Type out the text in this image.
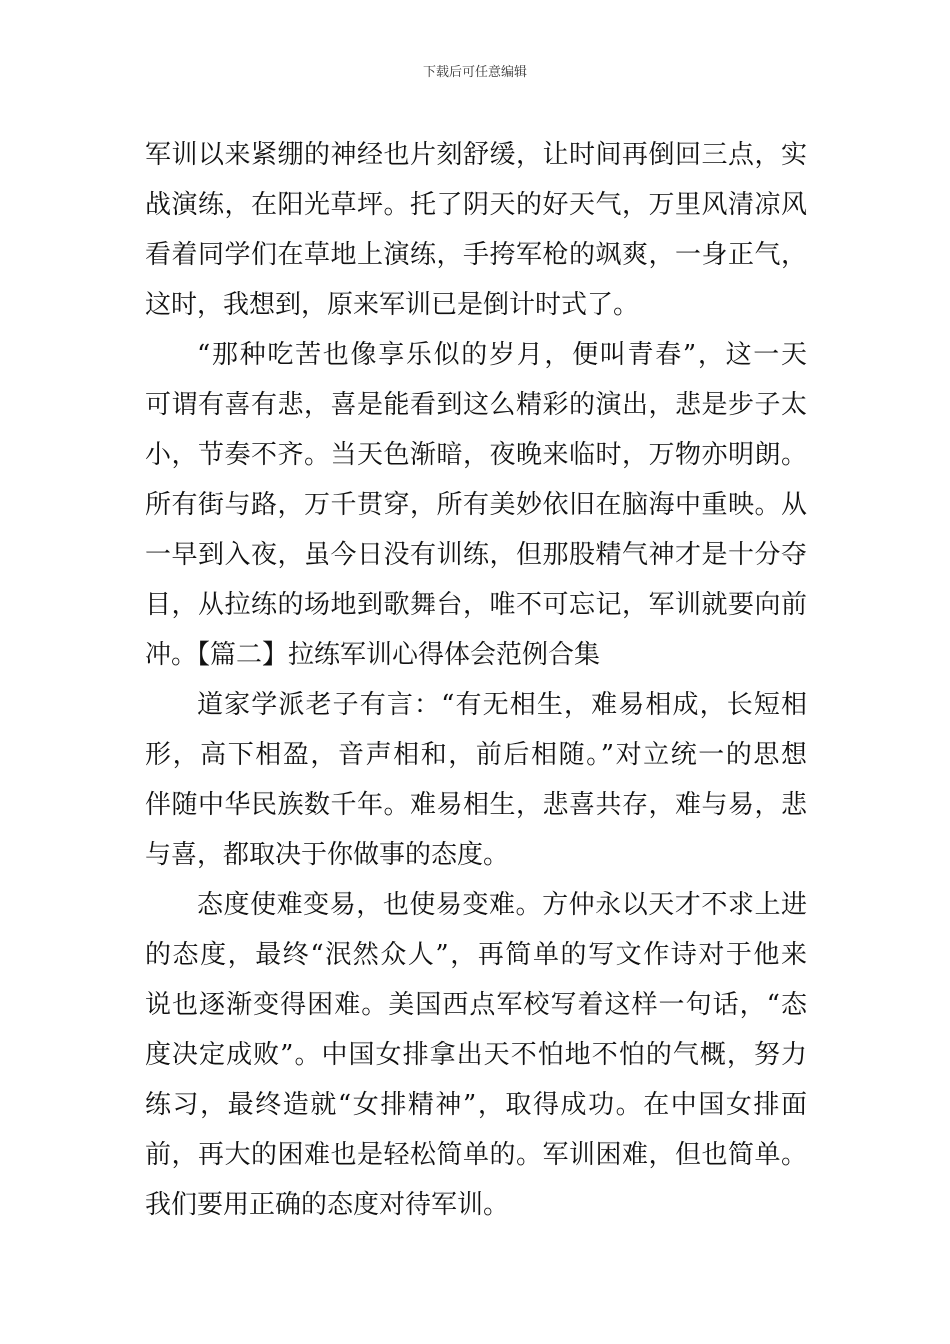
下载后可任意编辑
军训以来紧绷的神经也片刻舒缓，让时间再倒回三点，实
战演练，在阳光草坪。托了阴天的好天气，万里风清凉风
看着同学们在草地上演练，手挎军枪的飒爽，一身正气，
这时，我想到，原来军训已是倒计时式了。
“那种吃苦也像享乐似的岁月，便叫青春”，这一天
可谓有喜有悲，喜是能看到这么精彩的演出，悲是步子太
小，节奏不齐。当天色渐暗，夜晚来临时，万物亦明朗。
所有街与路，万千贯穿，所有美妙依旧在脑海中重映。从
一早到入夜，虽今日没有训练，但那股精气神才是十分夺
目，从拉练的场地到歌舞台，唯不可忘记，军训就要向前
冲。【篇二】拉练军训心得体会范例合集
道家学派老子有言：“有无相生，难易相成，长短相
形，高下相盈，音声相和，前后相随。”对立统一的思想
伴随中华民族数千年。难易相生，悲喜共存，难与易，悲
与喜，都取决于你做事的态度。
态度使难变易，也使易变难。方仲永以天才不求上进
的态度，最终“泯然众人”，再简单的写文作诗对于他来
说也逐渐变得困难。美国西点军校写着这样一句话，“态
度决定成败”。中国女排拿出天不怕地不怕的气概，努力
练习，最终造就“女排精神”，取得成功。在中国女排面
前，再大的困难也是轻松简单的。军训困难，但也简单。
我们要用正确的态度对待军训。
